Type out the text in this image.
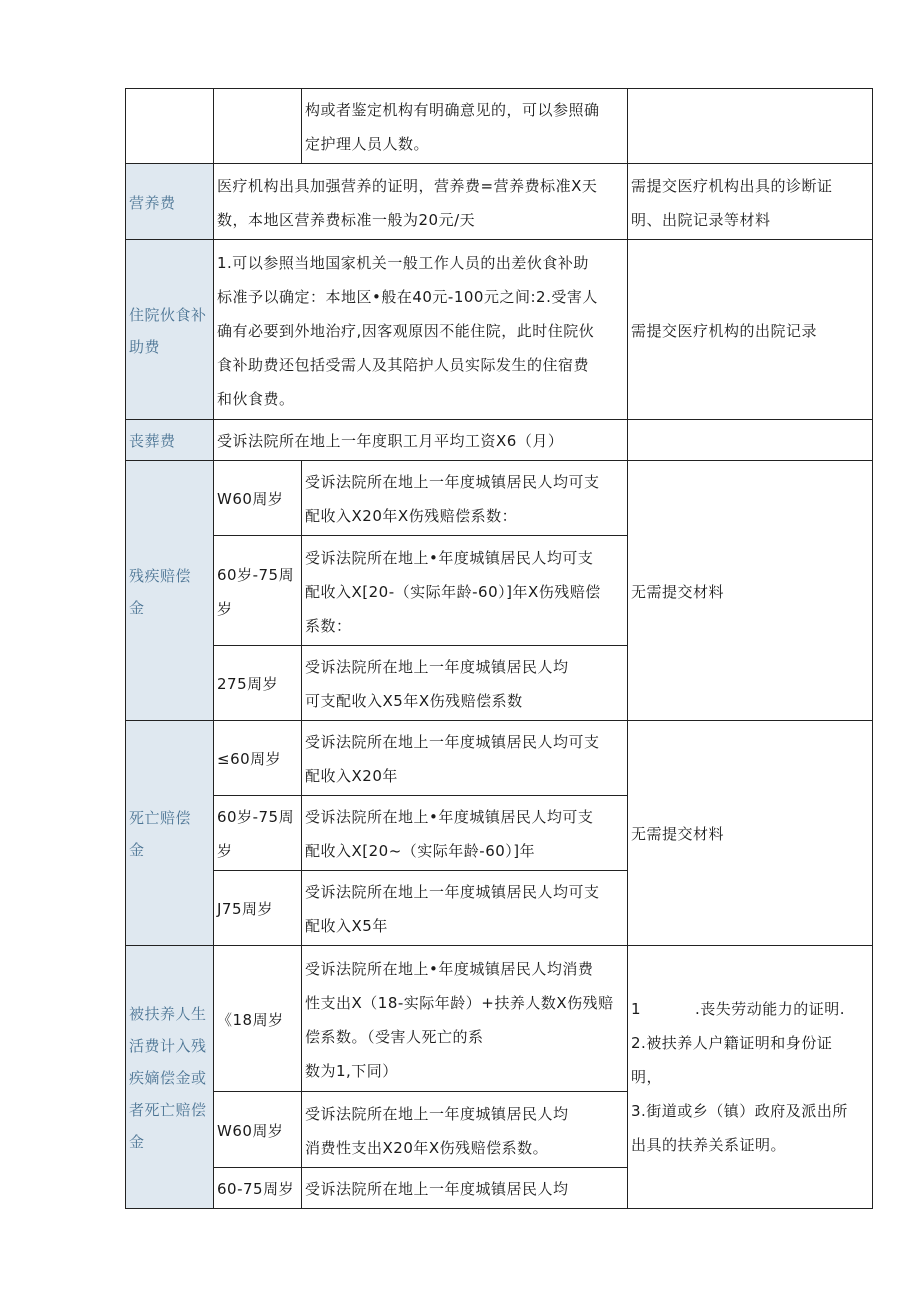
		构或者鉴定机构有明确意见的，可以参照确
定护理人员人数。	

营养费	医疗机构出具加强营养的证明，营养费=营养费标准X天
数，本地区营养费标准一般为20元/天		需提交医疗机构出具的诊断证
明、出院记录等材料

住院伙食补
助费	1.可以参照当地国家机关一般工作人员的出差伙食补助
标准予以确定：本地区•般在40元-100元之间:2.受害人
确有必要到外地治疗,因客观原因不能住院，此时住院伙
食补助费还包括受需人及其陪护人员实际发生的住宿费
和伙食费。		需提交医疗机构的出院记录

丧葬费	受诉法院所在地上一年度职工月平均工资X6（月）		

残疾赔偿
金	W60周岁	受诉法院所在地上一年度城镇居民人均可支
配收入X20年X伤残赔偿系数：	无需提交材料

	60岁-75周
岁	受诉法院所在地上•年度城镇居民人均可支
配收入X[20-（实际年龄-60）]年X伤残赔偿
系数：	

	275周岁	受诉法院所在地上一年度城镇居民人均
可支配收入X5年X伤残赔偿系数	

死亡赔偿
金	≤60周岁	受诉法院所在地上一年度城镇居民人均可支
配收入X20年	无需提交材料

	60岁-75周
岁	受诉法院所在地上•年度城镇居民人均可支
配收入X[20~（实际年龄-60）]年	

	J75周岁	受诉法院所在地上一年度城镇居民人均可支
配收入X5年	

被扶养人生
活费计入残
疾嫡偿金或
者死亡赔偿
金	《18周岁	受诉法院所在地上•年度城镇居民人均消费
性支出X（18-实际年龄）+扶养人数X伤残赔
偿系数。（受害人死亡的系
数为1,下同）	1 .丧失劳动能力的证明.
2.被扶养人户籍证明和身份证
明，
3.街道或乡（镇）政府及派出所
出具的扶养关系证明。

	W60周岁	受诉法院所在地上一年度城镇居民人均
消费性支出X20年X伤残赔偿系数。	

	60-75周岁	受诉法院所在地上一年度城镇居民人均	
